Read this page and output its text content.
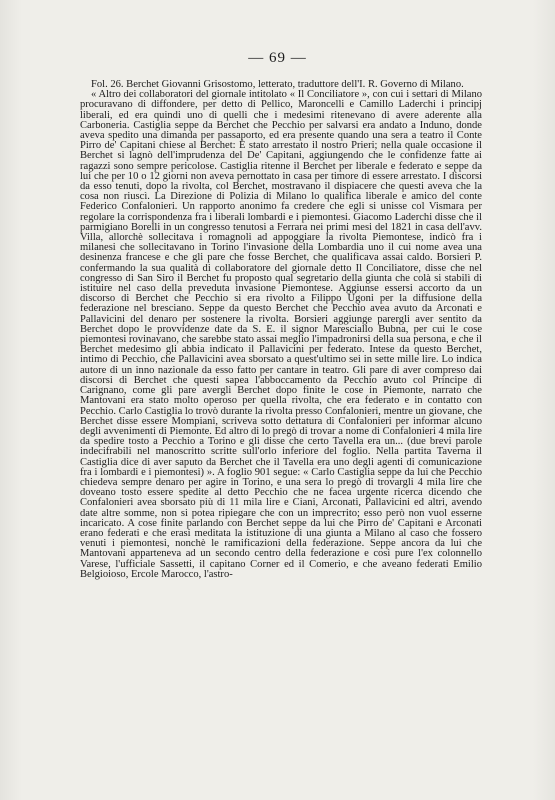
— 69 —

Fol. 26. Berchet Giovanni Grisostomo, letterato, traduttore dell'I. R. Governo di Milano.

« Altro dei collaboratori del giornale intitolato « Il Conciliatore », con cui i settari di Milano procuravano di diffondere, per detto di Pellico, Maroncelli e Camillo Laderchi i principj liberali, ed era quindi uno di quelli che i medesimi ritenevano di avere aderente alla Carboneria. Castiglia seppe da Berchet che Pecchio per salvarsi era andato a Induno, donde aveva spedito una dimanda per passaporto, ed era presente quando una sera a teatro il Conte Pirro de' Capitani chiese al Berchet: È stato arrestato il nostro Prieri; nella quale occasione il Berchet si lagnò dell'imprudenza del De' Capitani, aggiungendo che le confidenze fatte ai ragazzi sono sempre pericolose. Castiglia ritenne il Berchet per liberale e federato e seppe da lui che per 10 o 12 giorni non aveva pernottato in casa per timore di essere arrestato. I discorsi da esso tenuti, dopo la rivolta, col Berchet, mostravano il dispiacere che questi aveva che la cosa non riuscì. La Direzione di Polizia di Milano lo qualifica liberale e amico del conte Federico Confalonieri. Un rapporto anonimo fa credere che egli si unisse col Vismara per regolare la corrispondenza fra i liberali lombardi e i piemontesi. Giacomo Laderchi disse che il parmigiano Borelli in un congresso tenutosi a Ferrara nei primi mesi del 1821 in casa dell'avv. Villa, allorchè sollecitava i romagnoli ad appoggiare la rivolta Piemontese, indicò fra i milanesi che sollecitavano in Torino l'invasione della Lombardia uno il cui nome avea una desinenza francese e che gli pare che fosse Berchet, che qualificava assai caldo. Borsieri P. confermando la sua qualità di collaboratore del giornale detto Il Conciliatore, disse che nel congresso di San Siro il Berchet fu proposto qual segretario della giunta che colà si stabilì di istituire nel caso della preveduta invasione Piemontese. Aggiunse essersi accorto da un discorso di Berchet che Pecchio si era rivolto a Filippo Ugoni per la diffusione della federazione nel bresciano. Seppe da questo Berchet che Pecchio avea avuto da Arconati e Pallavicini del denaro per sostenere la rivolta. Borsieri aggiunge parergli aver sentito da Berchet dopo le provvidenze date da S. E. il signor Maresciallo Bubna, per cui le cose piemontesi rovinavano, che sarebbe stato assai meglio l'impadronirsi della sua persona, e che il Berchet medesimo gli abbia indicato il Pallavicini per federato. Intese da questo Berchet, intimo di Pecchio, che Pallavicini avea sborsato a quest'ultimo sei in sette mille lire. Lo indica autore di un inno nazionale da esso fatto per cantare in teatro. Gli pare di aver compreso dai discorsi di Berchet che questi sapea l'abboccamento da Pecchio avuto col Principe di Carignano, come gli pare avergli Berchet dopo finite le cose in Piemonte, narrato che Mantovani era stato molto operoso per quella rivolta, che era federato e in contatto con Pecchio. Carlo Castiglia lo trovò durante la rivolta presso Confalonieri, mentre un giovane, che Berchet disse essere Mompiani, scriveva sotto dettatura di Confalonieri per informar alcuno degli avvenimenti di Piemonte. Ed altro di lo pregò di trovar a nome di Confalonieri 4 mila lire da spedire tosto a Pecchio a Torino e gli disse che certo Tavella era un... (due brevi parole indecifrabili nel manoscritto scritte sull'orlo inferiore del foglio. Nella partita Taverna il Castiglia dice di aver saputo da Berchet che il Tavella era uno degli agenti di comunicazione fra i lombardi e i piemontesi) ». A foglio 901 segue: « Carlo Castiglia seppe da lui che Pecchio chiedeva sempre denaro per agire in Torino, e una sera lo pregò di trovargli 4 mila lire che doveano tosto essere spedite al detto Pecchio che ne facea urgente ricerca dicendo che Confalonieri avea sborsato più di 11 mila lire e Ciani, Arconati, Pallavicini ed altri, avendo date altre somme, non si potea ripiegare che con un impreстito; esso però non vuol esserne incaricato. A cose finite parlando con Berchet seppe da lui che Pirro de' Capitani e Arconati erano federati e che erasi meditata la istituzione di una giunta a Milano al caso che fossero venuti i piemontesi, nonchè le ramificazioni della federazione. Seppe ancora da lui che Mantovani apparteneva ad un secondo centro della federazione e così pure l'ex colonnello Varese, l'ufficiale Sassetti, il capitano Corner ed il Comerio, e che aveano federati Emilio Belgioioso, Ercole Marocco, l'astro-
